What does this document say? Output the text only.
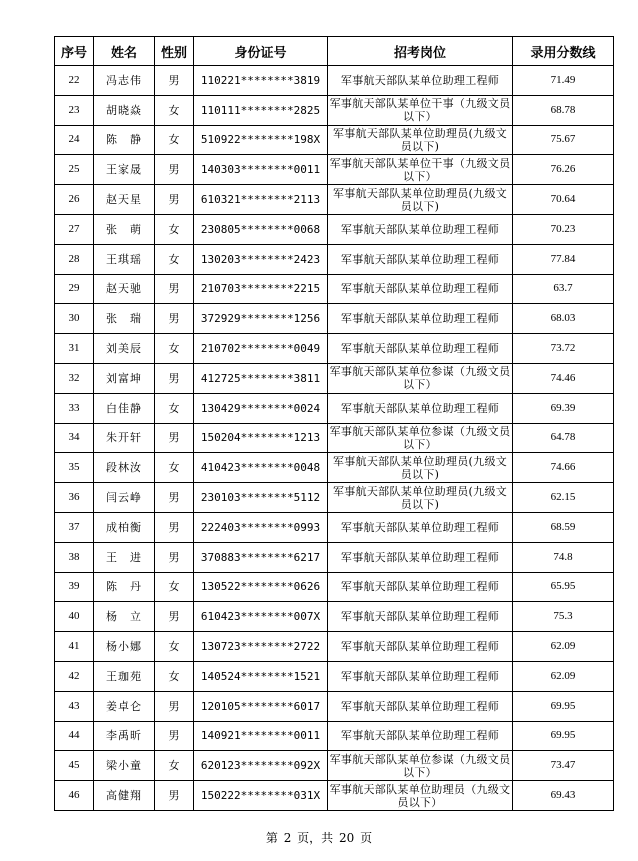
序号	姓名	性别	身份证号	招考岗位	录用分数线
22	冯志伟	男	110221********3819	军事航天部队某单位助理工程师	71.49
23	胡晓焱	女	110111********2825	军事航天部队某单位干事（九级文员以下）	68.78
24	陈　静	女	510922********198X	军事航天部队某单位助理员(九级文员以下)	75.67
25	王家晟	男	140303********0011	军事航天部队某单位干事（九级文员以下）	76.26
26	赵天星	男	610321********2113	军事航天部队某单位助理员(九级文员以下)	70.64
27	张　萌	女	230805********0068	军事航天部队某单位助理工程师	70.23
28	王琪瑶	女	130203********2423	军事航天部队某单位助理工程师	77.84
29	赵天驰	男	210703********2215	军事航天部队某单位助理工程师	63.7
30	张　瑞	男	372929********1256	军事航天部队某单位助理工程师	68.03
31	刘美辰	女	210702********0049	军事航天部队某单位助理工程师	73.72
32	刘富坤	男	412725********3811	军事航天部队某单位参谋（九级文员以下）	74.46
33	白佳静	女	130429********0024	军事航天部队某单位助理工程师	69.39
34	朱开轩	男	150204********1213	军事航天部队某单位参谋（九级文员以下）	64.78
35	段林汝	女	410423********0048	军事航天部队某单位助理员(九级文员以下)	74.66
36	闫云峥	男	230103********5112	军事航天部队某单位助理员(九级文员以下)	62.15
37	成柏衡	男	222403********0993	军事航天部队某单位助理工程师	68.59
38	王　进	男	370883********6217	军事航天部队某单位助理工程师	74.8
39	陈　丹	女	130522********0626	军事航天部队某单位助理工程师	65.95
40	杨　立	男	610423********007X	军事航天部队某单位助理工程师	75.3
41	杨小娜	女	130723********2722	军事航天部队某单位助理工程师	62.09
42	王珈苑	女	140524********1521	军事航天部队某单位助理工程师	62.09
43	姜卓仑	男	120105********6017	军事航天部队某单位助理工程师	69.95
44	李禹昕	男	140921********0011	军事航天部队某单位助理工程师	69.95
45	梁小童	女	620123********092X	军事航天部队某单位参谋（九级文员以下）	73.47
46	高健翔	男	150222********031X	军事航天部队某单位助理员（九级文员以下）	69.43
第 2 页，共 20 页
